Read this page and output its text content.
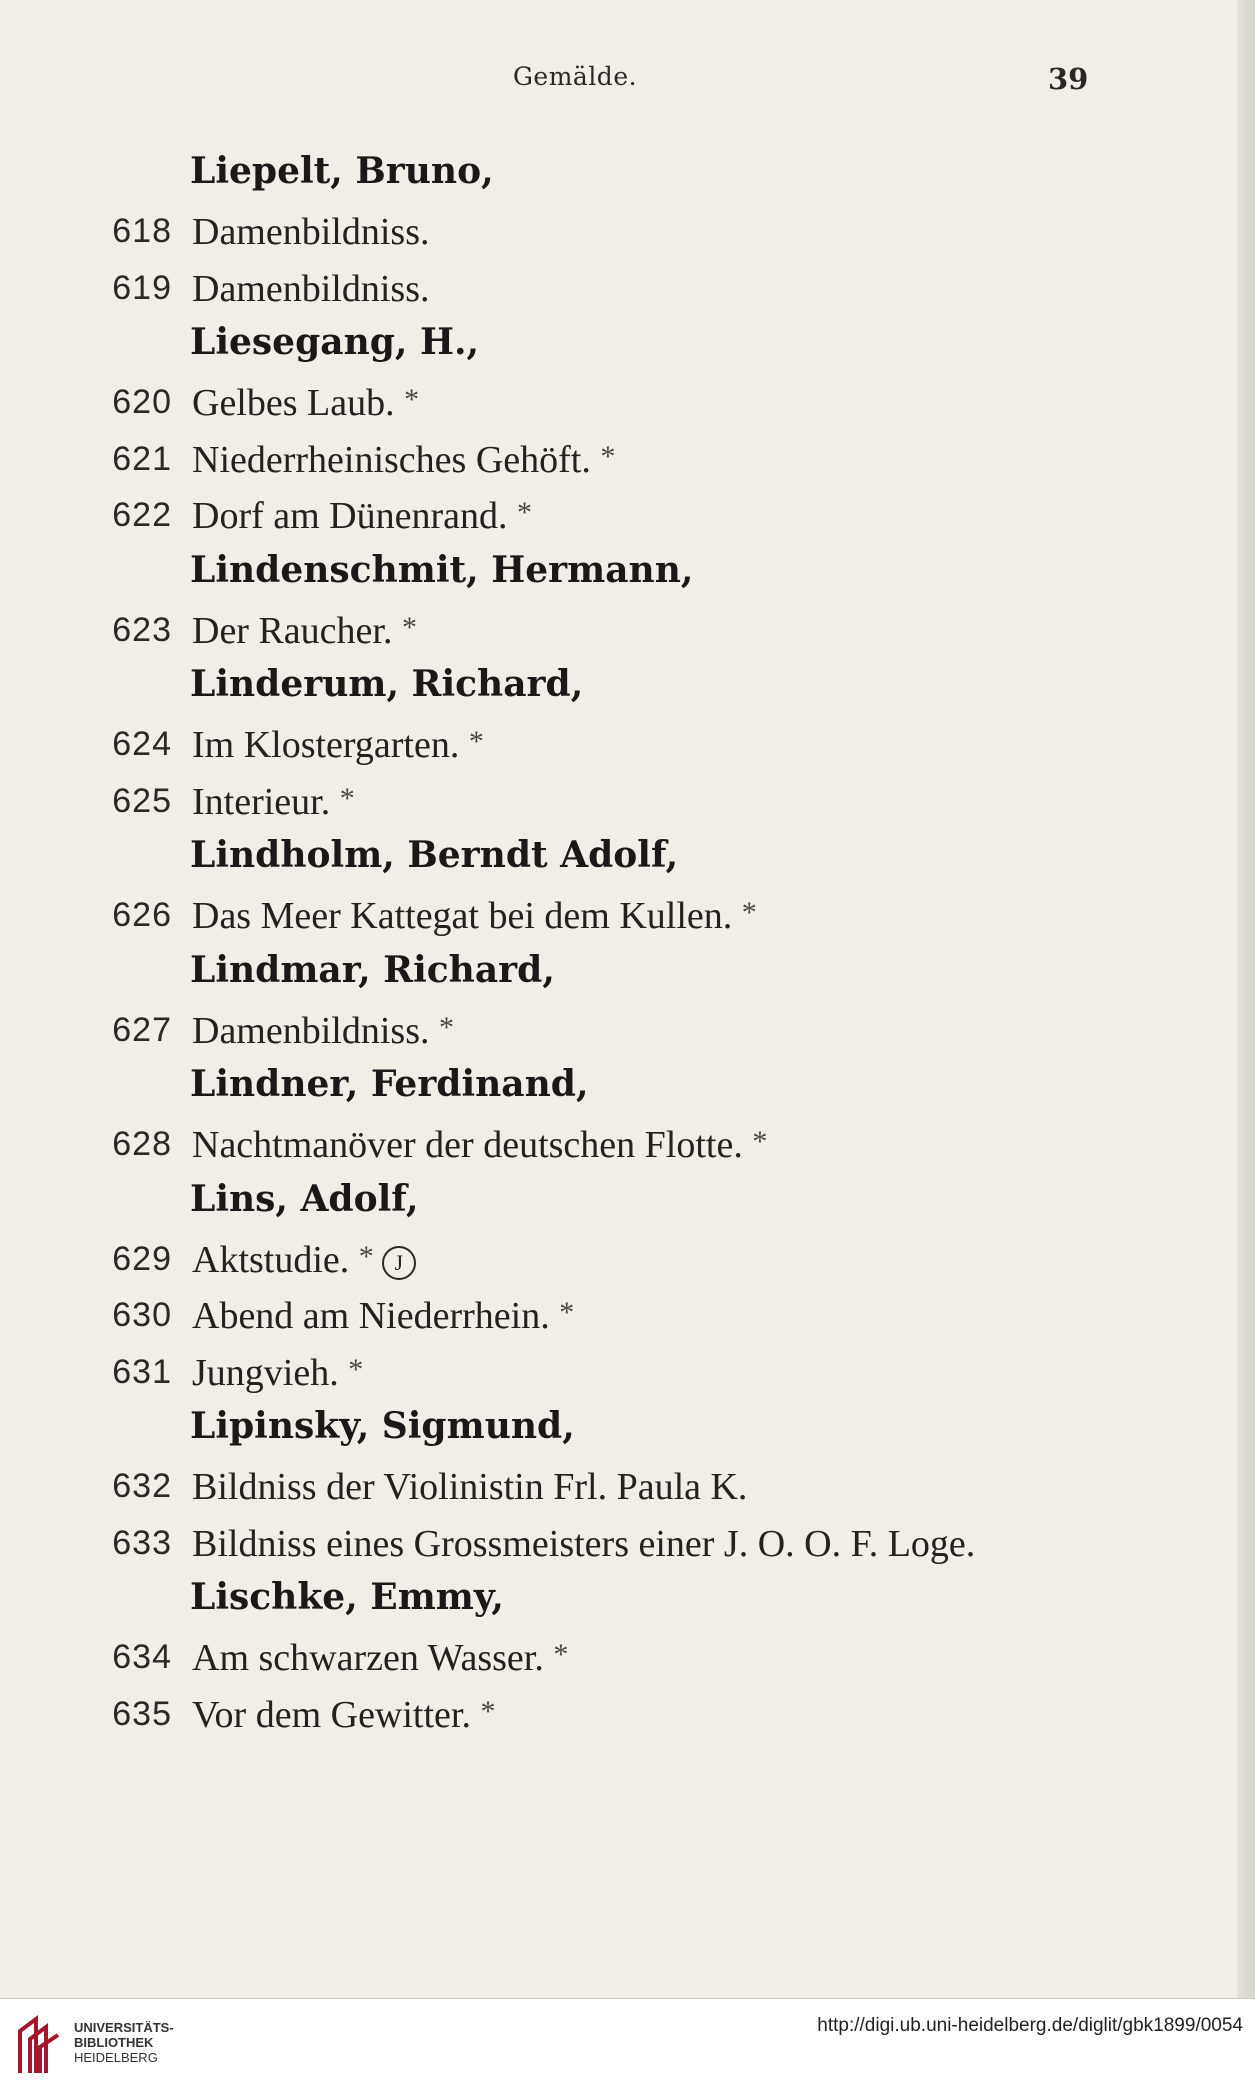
Gemälde.	39
Liepelt, Bruno,
618 Damenbildniss.
619 Damenbildniss.
Liesegang, H.,
620 Gelbes Laub. *
621 Niederrheinisches Gehöft. *
622 Dorf am Dünenrand. *
Lindenschmit, Hermann,
623 Der Raucher. *
Linderum, Richard,
624 Im Klostergarten. *
625 Interieur. *
Lindholm, Berndt Adolf,
626 Das Meer Kattegat bei dem Kullen. *
Lindmar, Richard,
627 Damenbildniss. *
Lindner, Ferdinand,
628 Nachtmanöver der deutschen Flotte. *
Lins, Adolf,
629 Aktstudie. * J
630 Abend am Niederrhein. *
631 Jungvieh. *
Lipinsky, Sigmund,
632 Bildniss der Violinistin Frl. Paula K.
633 Bildniss eines Grossmeisters einer J. O. O. F. Loge.
Lischke, Emmy,
634 Am schwarzen Wasser. *
635 Vor dem Gewitter. *
UNIVERSITÄTS-
BIBLIOTHEK
HEIDELBERG
http://digi.ub.uni-heidelberg.de/diglit/gbk1899/0054
